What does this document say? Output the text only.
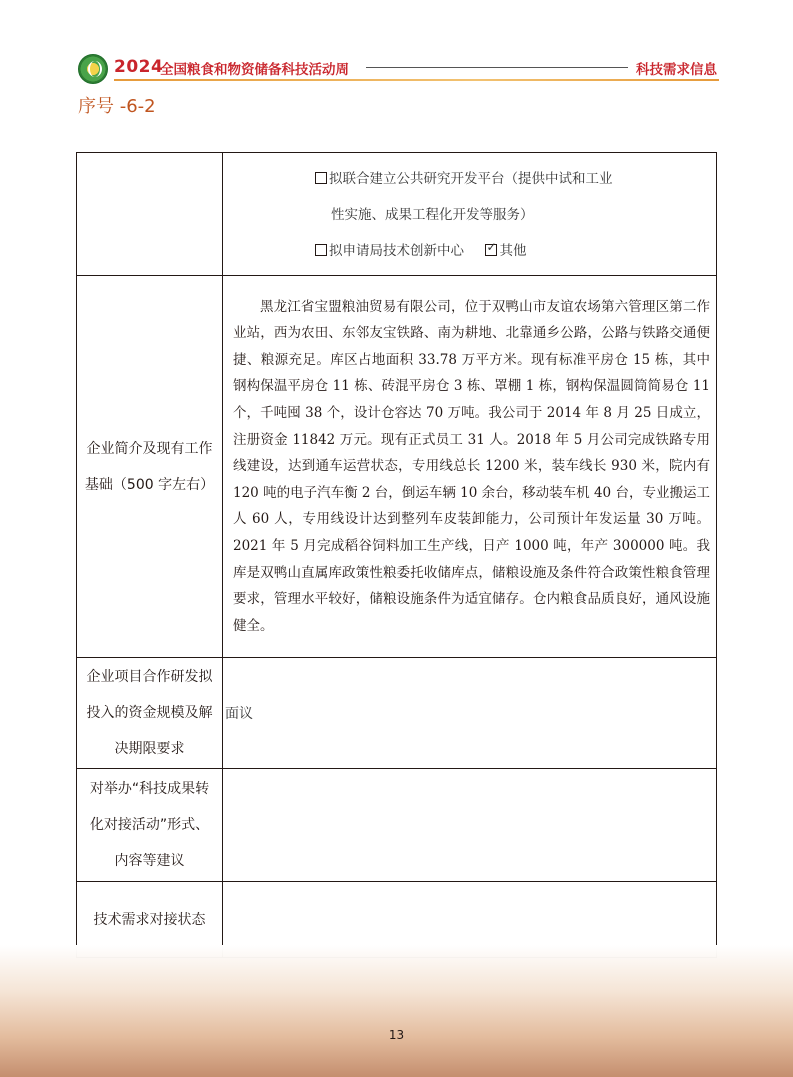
2024
全国粮食和物资储备科技活动周	科技需求信息
序号 -6-2

	拟联合建立公共研究开发平台（提供中试和工业
性实施、成果工程化开发等服务）
拟申请局技术创新中心 ✓ 其他

企业简介及现有工作
基础（500 字左右）	黑龙江省宝盟粮油贸易有限公司，位于双鸭山市友谊农场第六管理区第二作业站，西为农田、东邻友宝铁路、南为耕地、北靠通乡公路，公路与铁路交通便捷、粮源充足。库区占地面积 33.78 万平方米。现有标准平房仓 15 栋，其中钢构保温平房仓 11 栋、砖混平房仓 3 栋、罩棚 1 栋，钢构保温圆筒简易仓 11 个，千吨囤 38 个，设计仓容达 70 万吨。我公司于 2014 年 8 月 25 日成立，注册资金 11842 万元。现有正式员工 31 人。2018 年 5 月公司完成铁路专用线建设，达到通车运营状态，专用线总长 1200 米，装车线长 930 米，院内有 120 吨的电子汽车衡 2 台，倒运车辆 10 余台，移动装车机 40 台，专业搬运工人 60 人，专用线设计达到整列车皮装卸能力，公司预计年发运量 30 万吨。2021 年 5 月完成稻谷饲料加工生产线，日产 1000 吨，年产 300000 吨。我库是双鸭山直属库政策性粮委托收储库点，储粮设施及条件符合政策性粮食管理要求，管理水平较好，储粮设施条件为适宜储存。仓内粮食品质良好，通风设施健全。

企业项目合作研发拟
投入的资金规模及解
决期限要求	面议

对举办“科技成果转
化对接活动”形式、
内容等建议	

技术需求对接状态	
13
